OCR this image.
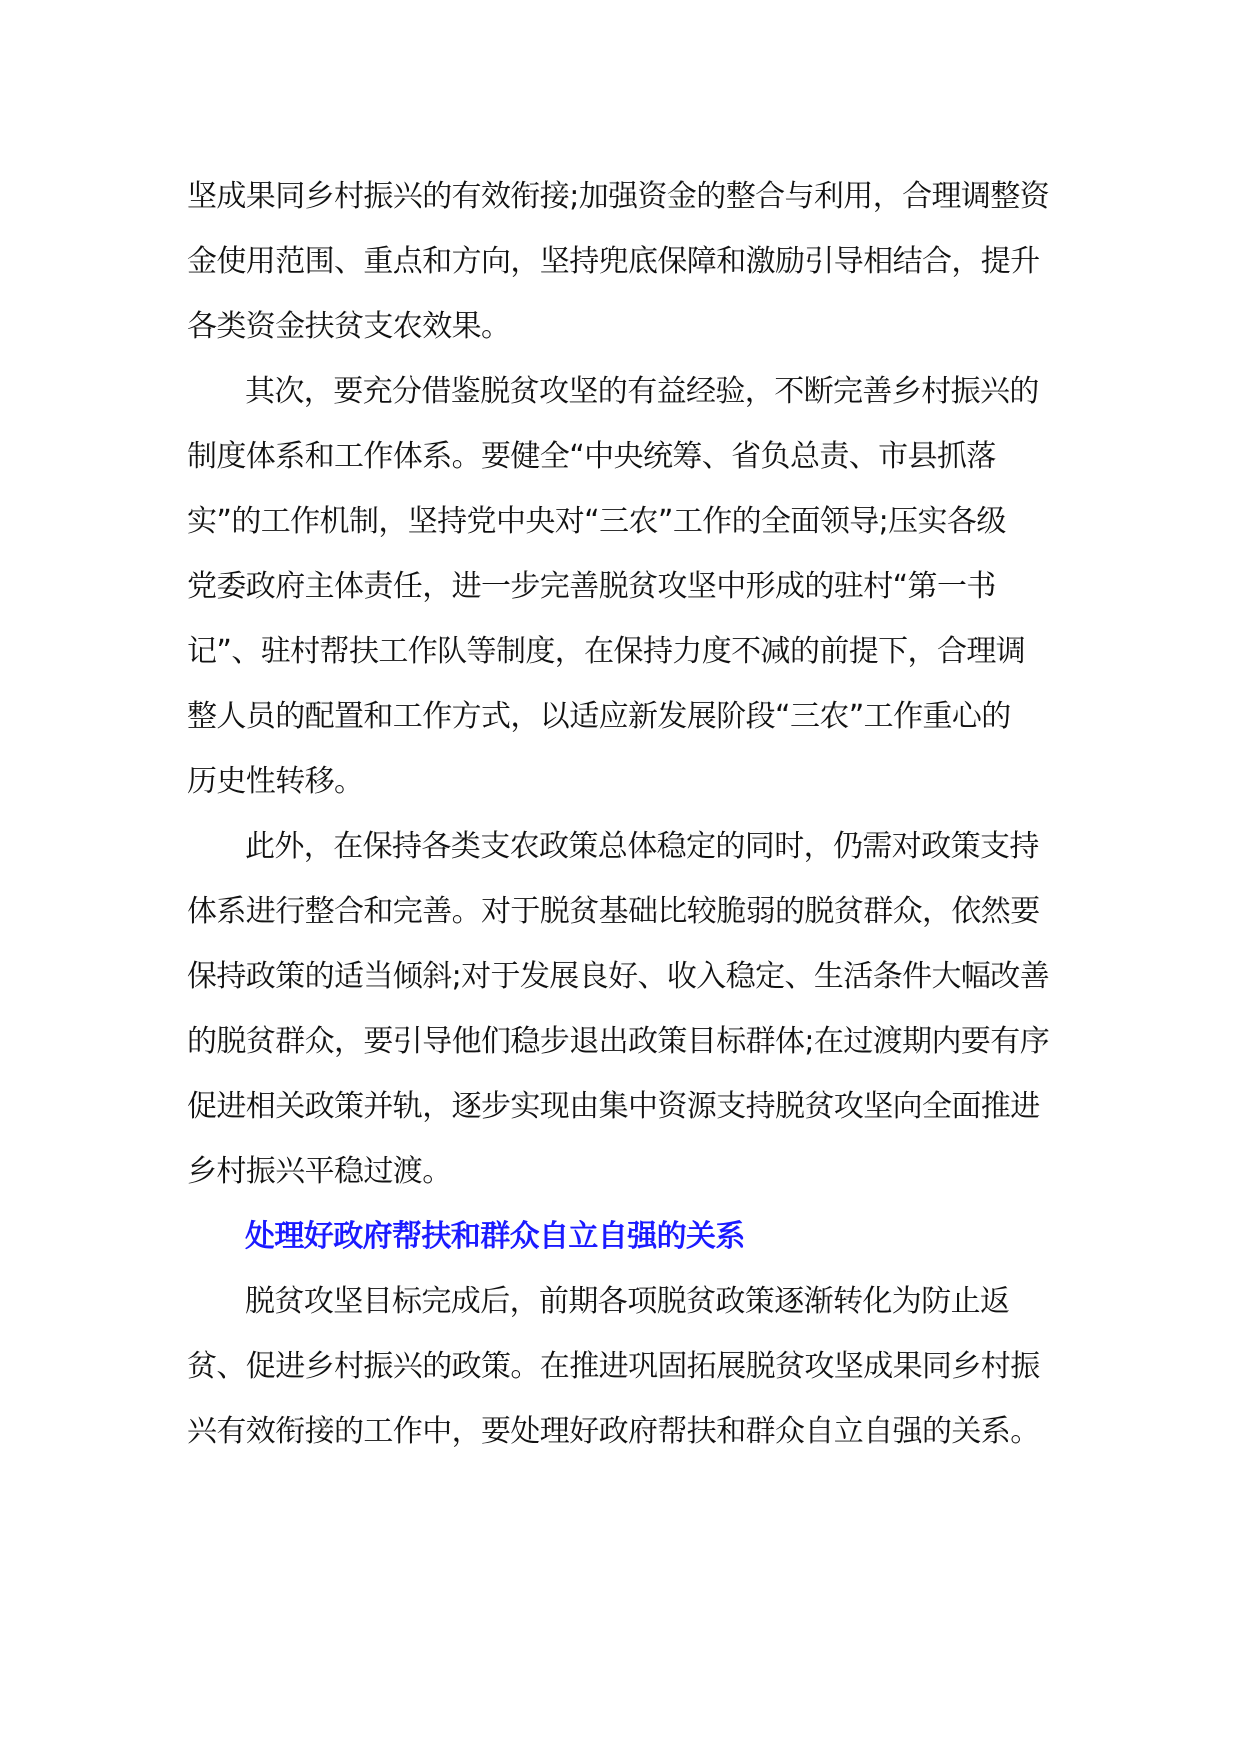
坚成果同乡村振兴的有效衔接;加强资金的整合与利用，合理调整资
金使用范围、重点和方向，坚持兜底保障和激励引导相结合，提升
各类资金扶贫支农效果。

其次，要充分借鉴脱贫攻坚的有益经验，不断完善乡村振兴的
制度体系和工作体系。要健全“中央统筹、省负总责、市县抓落
实”的工作机制，坚持党中央对“三农”工作的全面领导;压实各级
党委政府主体责任，进一步完善脱贫攻坚中形成的驻村“第一书
记”、驻村帮扶工作队等制度，在保持力度不减的前提下，合理调
整人员的配置和工作方式，以适应新发展阶段“三农”工作重心的
历史性转移。

此外，在保持各类支农政策总体稳定的同时，仍需对政策支持
体系进行整合和完善。对于脱贫基础比较脆弱的脱贫群众，依然要
保持政策的适当倾斜;对于发展良好、收入稳定、生活条件大幅改善
的脱贫群众，要引导他们稳步退出政策目标群体;在过渡期内要有序
促进相关政策并轨，逐步实现由集中资源支持脱贫攻坚向全面推进
乡村振兴平稳过渡。

处理好政府帮扶和群众自立自强的关系

脱贫攻坚目标完成后，前期各项脱贫政策逐渐转化为防止返
贫、促进乡村振兴的政策。在推进巩固拓展脱贫攻坚成果同乡村振
兴有效衔接的工作中，要处理好政府帮扶和群众自立自强的关系。
